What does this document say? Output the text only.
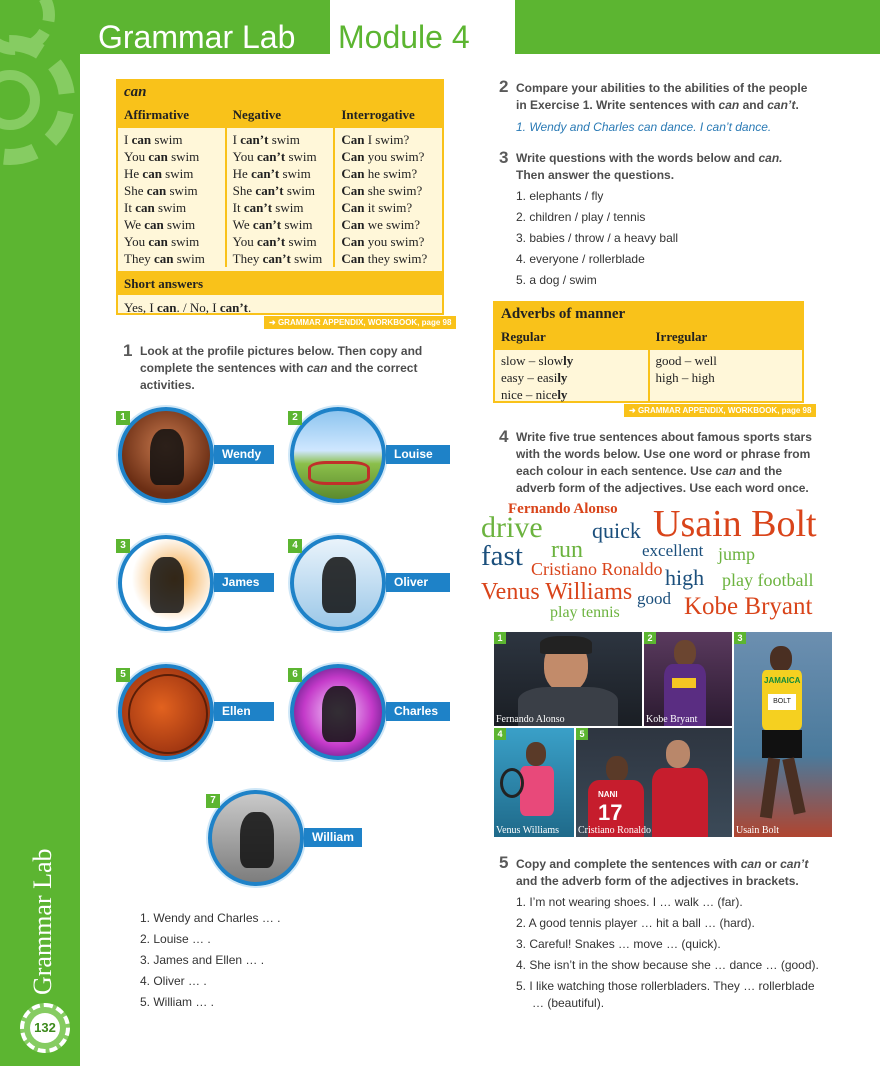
Grammar Lab
132
Grammar Lab Module 4
can
Affirmative
I can swim
You can swim
He can swim
She can swim
It can swim
We can swim
You can swim
They can swim
Negative
I can’t swim
You can’t swim
He can’t swim
She can’t swim
It can’t swim
We can’t swim
You can’t swim
They can’t swim
Interrogative
Can I swim?
Can you swim?
Can he swim?
Can she swim?
Can it swim?
Can we swim?
Can you swim?
Can they swim?
Short answers
Yes, I can. / No, I can’t.
➜ GRAMMAR APPENDIX, WORKBOOK, page 98
1 Look at the profile pictures below. Then copy and complete the sentences with can and the correct activities.
1
Wendy
2
Louise
3
James
4
Oliver
5
Ellen
6
Charles
7
William
1. Wendy and Charles … .
2. Louise … .
3. James and Ellen … .
4. Oliver … .
5. William … .
2 Compare your abilities to the abilities of the people in Exercise 1. Write sentences with can and can’t.
1. Wendy and Charles can dance. I can’t dance.
3 Write questions with the words below and can. Then answer the questions.
1. elephants / fly
2. children / play / tennis
3. babies / throw / a heavy ball
4. everyone / rollerblade
5. a dog / swim
Adverbs of manner
Regular
slow – slowly
easy – easily
nice – nicely
Irregular
good – well
high – high
➜ GRAMMAR APPENDIX, WORKBOOK, page 98
4 Write five true sentences about famous sports stars with the words below. Use one word or phrase from each colour in each sentence. Use can and the adverb form of the adjectives. Use each word once.
Fernando Alonso
drive quick Usain Bolt
fast run	excellent jump
Cristiano Ronaldo high play football
Venus Williams good Kobe Bryant
play tennis
1
Fernando Alonso
2
Kobe Bryant
JAMAICA
BOLT
3
Usain Bolt
4
Venus Williams
NANI
17
5
Cristiano Ronaldo
5 Copy and complete the sentences with can or can’t and the adverb form of the adjectives in brackets.
1. I’m not wearing shoes. I … walk … (far).
2. A good tennis player … hit a ball … (hard).
3. Careful! Snakes … move … (quick).
4. She isn’t in the show because she … dance … (good).
5. I like watching those rollerbladers. They … rollerblade
… (beautiful).
